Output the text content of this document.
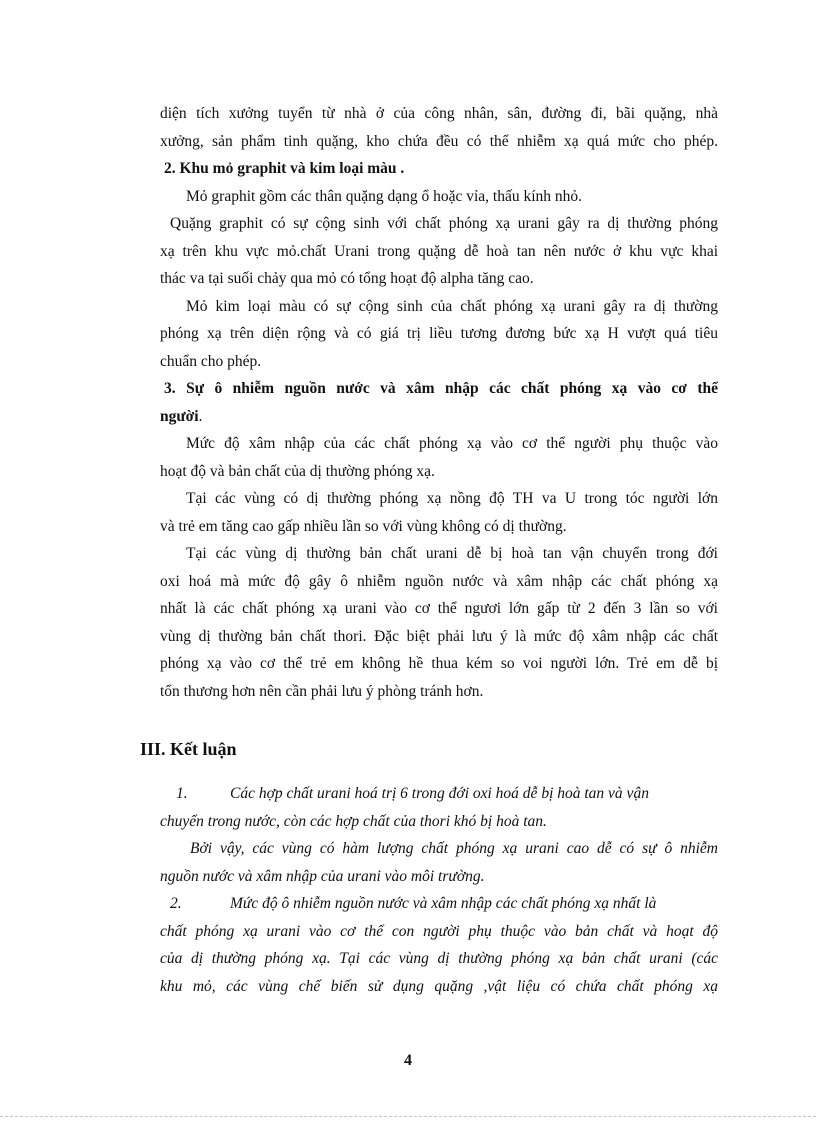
diện tích xưởng tuyển từ nhà ở của công nhân, sân, đường đi, bãi quặng, nhà
xưởng, sản phẩm tinh quặng, kho chứa đều có thể nhiễm xạ quá mức cho phép.
2. Khu mỏ graphit và kim loại màu .
Mỏ graphit gồm các thân quặng dạng ổ hoặc vỉa, thấu kính nhỏ.
Quặng graphit có sự cộng sinh với chất phóng xạ urani gây ra dị thường phóng
xạ trên khu vực mỏ.chất Urani trong quặng dễ hoà tan nên nước ở khu vực khai
thác va tại suối chảy qua mỏ có tổng hoạt độ alpha tăng cao.
Mỏ kim loại màu có sự cộng sinh của chất phóng xạ urani gây ra dị thường
phóng xạ trên diện rộng và có giá trị liều tương đương bức xạ H vượt quá tiêu
chuẩn cho phép.
3. Sự ô nhiễm nguồn nước và xâm nhập các chất phóng xạ vào cơ thể
người.
Mức độ xâm nhập của các chất phóng xạ vào cơ thể người phụ thuộc vào
hoạt độ và bản chất của dị thường phóng xạ.
Tại các vùng có dị thường phóng xạ nồng độ TH va U trong tóc người lớn
và trẻ em tăng cao gấp nhiều lần so với vùng không có dị thường.
Tại các vùng dị thường bản chất urani dễ bị hoà tan vận chuyển trong đới
oxi hoá mà mức độ gây ô nhiễm nguồn nước và xâm nhập các chất phóng xạ
nhất là các chất phóng xạ urani vào cơ thể ngươi lớn gấp từ 2 đến 3 lần so với
vùng dị thường bản chất thori. Đặc biệt phải lưu ý là mức độ xâm nhập các chất
phóng xạ vào cơ thể trẻ em không hề thua kém so voi người lớn. Trẻ em dễ bị
tổn thương hơn nên cần phải lưu ý phòng tránh hơn.
III. Kết luận
1.	Các hợp chất urani hoá trị 6 trong đới oxi hoá dễ bị hoà tan và vận
chuyển trong nước, còn các hợp chất của thori khó bị hoà tan.
Bởi vậy, các vùng có hàm lượng chất phóng xạ urani cao dễ có sự ô nhiễm
nguồn nước và xâm nhập của urani vào môi trường.
2.	Mức độ ô nhiễm nguồn nước và xâm nhập các chất phóng xạ nhất là
chất phóng xạ urani vào cơ thể con người phụ thuộc vào bản chất và hoạt độ
của dị thường phóng xạ. Tại các vùng dị thường phóng xạ bản chất urani (các
khu mỏ, các vùng chế biến sử dụng quặng ,vật liệu có chứa chất phóng xạ
4
